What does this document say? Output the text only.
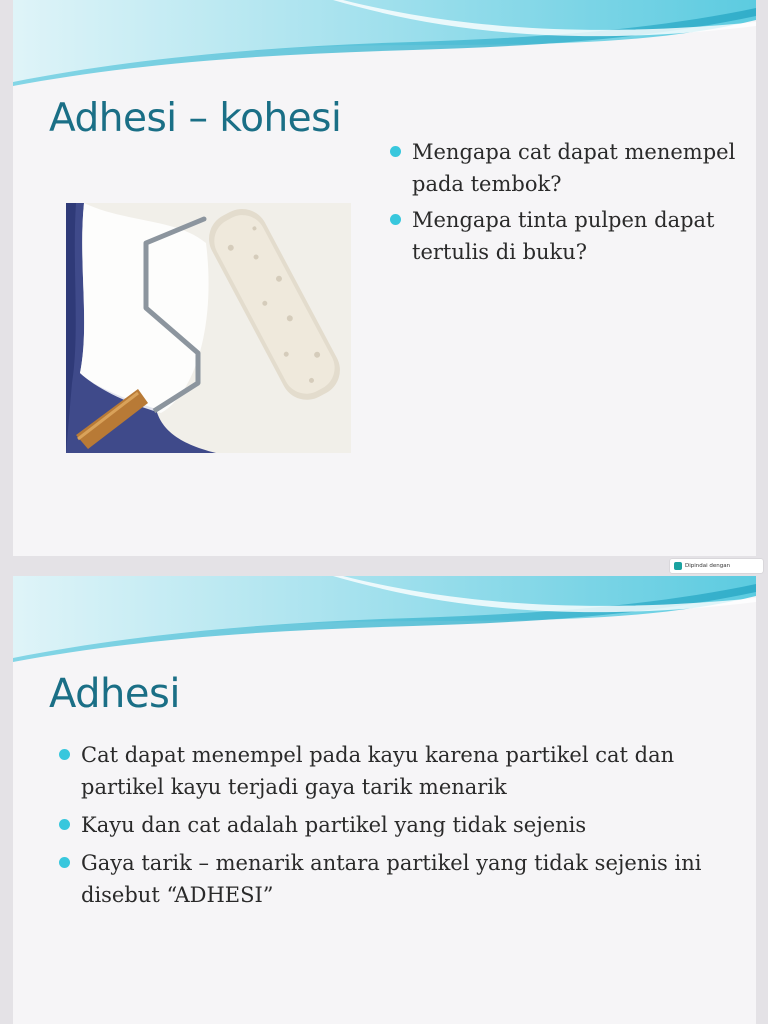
Adhesi – kohesi
Mengapa cat dapat menempel pada tembok?
Mengapa tinta pulpen dapat tertulis di buku?
Dipindai dengan
Adhesi
Cat dapat menempel pada kayu karena partikel cat dan partikel kayu terjadi gaya tarik menarik
Kayu dan cat adalah partikel yang tidak sejenis
Gaya tarik – menarik antara partikel yang tidak sejenis ini disebut “ADHESI”
